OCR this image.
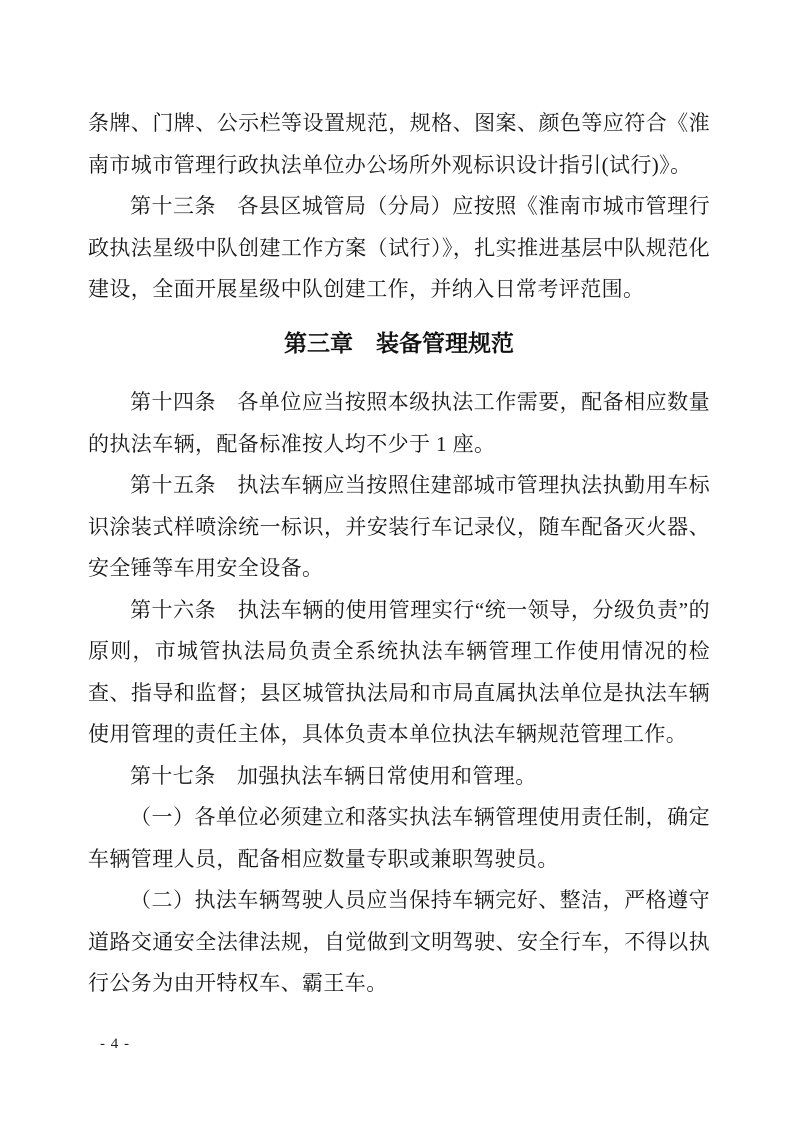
条牌、门牌、公示栏等设置规范，规格、图案、颜色等应符合《淮南市城市管理行政执法单位办公场所外观标识设计指引(试行)》。

第十三条　各县区城管局（分局）应按照《淮南市城市管理行政执法星级中队创建工作方案（试行）》，扎实推进基层中队规范化建设，全面开展星级中队创建工作，并纳入日常考评范围。

第三章　装备管理规范

第十四条　各单位应当按照本级执法工作需要，配备相应数量的执法车辆，配备标准按人均不少于 1 座。

第十五条　执法车辆应当按照住建部城市管理执法执勤用车标识涂装式样喷涂统一标识，并安装行车记录仪，随车配备灭火器、安全锤等车用安全设备。

第十六条　执法车辆的使用管理实行“统一领导，分级负责”的原则，市城管执法局负责全系统执法车辆管理工作使用情况的检查、指导和监督；县区城管执法局和市局直属执法单位是执法车辆使用管理的责任主体，具体负责本单位执法车辆规范管理工作。

第十七条　加强执法车辆日常使用和管理。

（一）各单位必须建立和落实执法车辆管理使用责任制，确定车辆管理人员，配备相应数量专职或兼职驾驶员。

（二）执法车辆驾驶人员应当保持车辆完好、整洁，严格遵守道路交通安全法律法规，自觉做到文明驾驶、安全行车，不得以执行公务为由开特权车、霸王车。

- 4 -
